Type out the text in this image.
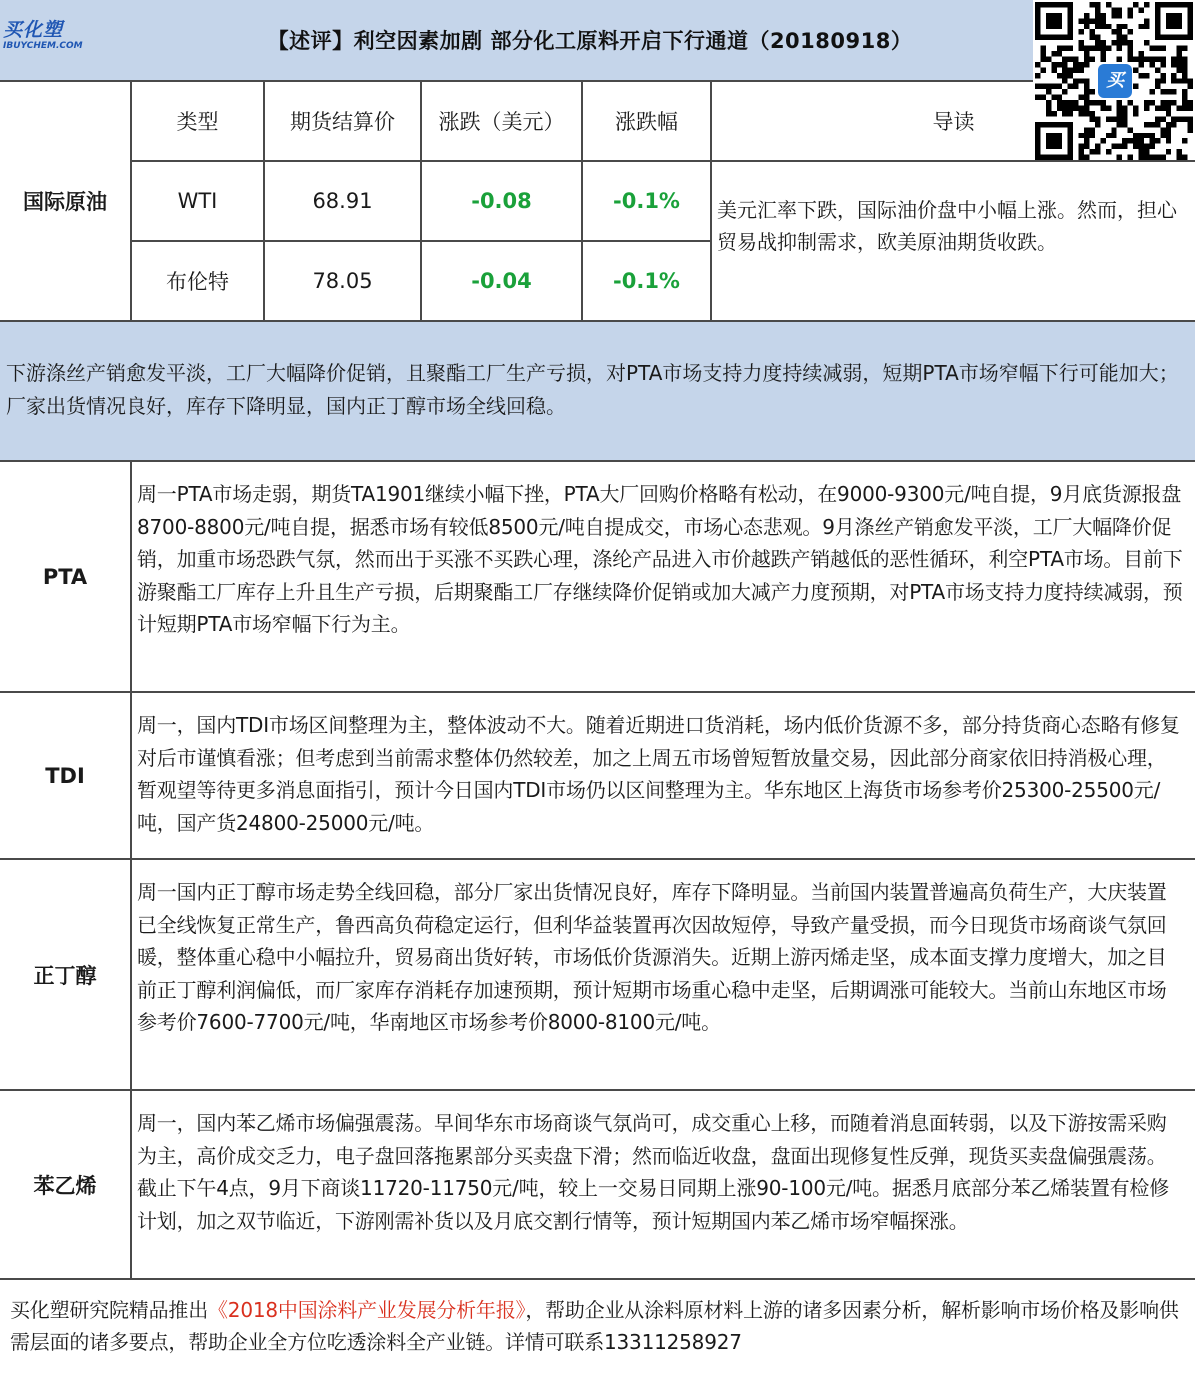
买化塑
IBUYCHEM.COM	【述评】利空因素加剧 部分化工原料开启下行通道（20180918）
买
国际原油
类型	期货结算价	涨跌（美元）	涨跌幅	导读
WTI	68.91	-0.08	-0.1%
布伦特	78.05	-0.04	-0.1%
美元汇率下跌，国际油价盘中小幅上涨。然而，担心贸易战抑制需求，欧美原油期货收跌。
下游涤丝产销愈发平淡，工厂大幅降价促销，且聚酯工厂生产亏损，对PTA市场支持力度持续减弱，短期PTA市场窄幅下行可能加大；厂家出货情况良好，库存下降明显，国内正丁醇市场全线回稳。
PTA
周一PTA市场走弱，期货TA1901继续小幅下挫，PTA大厂回购价格略有松动，在9000-9300元/吨自提，9月底货源报盘8700-8800元/吨自提，据悉市场有较低8500元/吨自提成交，市场心态悲观。9月涤丝产销愈发平淡，工厂大幅降价促销，加重市场恐跌气氛，然而出于买涨不买跌心理，涤纶产品进入市价越跌产销越低的恶性循环，利空PTA市场。目前下游聚酯工厂库存上升且生产亏损，后期聚酯工厂存继续降价促销或加大减产力度预期，对PTA市场支持力度持续减弱，预计短期PTA市场窄幅下行为主。
TDI
周一，国内TDI市场区间整理为主，整体波动不大。随着近期进口货消耗，场内低价货源不多，部分持货商心态略有修复对后市谨慎看涨；但考虑到当前需求整体仍然较差，加之上周五市场曾短暂放量交易，因此部分商家依旧持消极心理，暂观望等待更多消息面指引，预计今日国内TDI市场仍以区间整理为主。华东地区上海货市场参考价25300-25500元/吨，国产货24800-25000元/吨。
正丁醇
周一国内正丁醇市场走势全线回稳，部分厂家出货情况良好，库存下降明显。当前国内装置普遍高负荷生产，大庆装置已全线恢复正常生产，鲁西高负荷稳定运行，但利华益装置再次因故短停，导致产量受损，而今日现货市场商谈气氛回暖，整体重心稳中小幅拉升，贸易商出货好转，市场低价货源消失。近期上游丙烯走坚，成本面支撑力度增大，加之目前正丁醇利润偏低，而厂家库存消耗存加速预期，预计短期市场重心稳中走坚，后期调涨可能较大。当前山东地区市场参考价7600-7700元/吨，华南地区市场参考价8000-8100元/吨。
苯乙烯
周一，国内苯乙烯市场偏强震荡。早间华东市场商谈气氛尚可，成交重心上移，而随着消息面转弱，以及下游按需采购为主，高价成交乏力，电子盘回落拖累部分买卖盘下滑；然而临近收盘，盘面出现修复性反弹，现货买卖盘偏强震荡。截止下午4点，9月下商谈11720-11750元/吨，较上一交易日同期上涨90-100元/吨。据悉月底部分苯乙烯装置有检修计划，加之双节临近，下游刚需补货以及月底交割行情等，预计短期国内苯乙烯市场窄幅探涨。
买化塑研究院精品推出《2018中国涂料产业发展分析年报》，帮助企业从涂料原材料上游的诸多因素分析，解析影响市场价格及影响供需层面的诸多要点，帮助企业全方位吃透涂料全产业链。详情可联系13311258927
